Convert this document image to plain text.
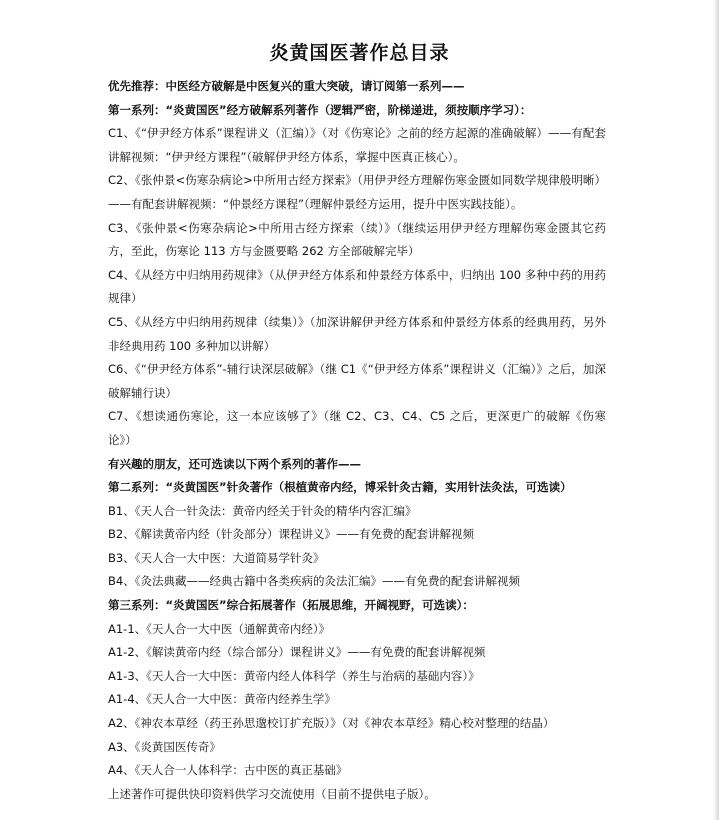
炎黄国医著作总目录

优先推荐：中医经方破解是中医复兴的重大突破，请订阅第一系列——

第一系列：“炎黄国医”经方破解系列著作（逻辑严密，阶梯递进，须按顺序学习）：

C1、《“伊尹经方体系”课程讲义（汇编）》（对《伤寒论》之前的经方起源的准确破解）——有配套讲解视频：“伊尹经方课程”（破解伊尹经方体系，掌握中医真正核心）。

C2、《张仲景<伤寒杂病论>中所用古经方探索》（用伊尹经方理解伤寒金匮如同数学规律般明晰）——有配套讲解视频：“仲景经方课程”（理解仲景经方运用，提升中医实践技能）。

C3、《张仲景<伤寒杂病论>中所用古经方探索（续）》（继续运用伊尹经方理解伤寒金匮其它药方，至此，伤寒论 113 方与金匮要略 262 方全部破解完毕）

C4、《从经方中归纳用药规律》（从伊尹经方体系和仲景经方体系中，归纳出 100 多种中药的用药规律）

C5、《从经方中归纳用药规律（续集）》（加深讲解伊尹经方体系和仲景经方体系的经典用药，另外非经典用药 100 多种加以讲解）

C6、《“伊尹经方体系”-辅行诀深层破解》（继 C1《“伊尹经方体系”课程讲义（汇编）》之后，加深破解辅行诀）

C7、《想读通伤寒论，这一本应该够了》（继 C2、C3、C4、C5 之后，更深更广的破解《伤寒论》）

有兴趣的朋友，还可选读以下两个系列的著作——

第二系列：“炎黄国医”针灸著作（根植黄帝内经，博采针灸古籍，实用针法灸法，可选读）

B1、《天人合一针灸法：黄帝内经关于针灸的精华内容汇编》

B2、《解读黄帝内经（针灸部分）课程讲义》——有免费的配套讲解视频

B3、《天人合一大中医：大道简易学针灸》

B4、《灸法典藏——经典古籍中各类疾病的灸法汇编》——有免费的配套讲解视频

第三系列：“炎黄国医”综合拓展著作（拓展思维，开阔视野，可选读）：

A1-1、《天人合一大中医（通解黄帝内经）》

A1-2、《解读黄帝内经（综合部分）课程讲义》——有免费的配套讲解视频

A1-3、《天人合一大中医：黄帝内经人体科学（养生与治病的基础内容）》

A1-4、《天人合一大中医：黄帝内经养生学》

A2、《神农本草经（药王孙思邈校订扩充版）》（对《神农本草经》精心校对整理的结晶）

A3、《炎黄国医传奇》

A4、《天人合一人体科学：古中医的真正基础》

上述著作可提供快印资料供学习交流使用（目前不提供电子版）。
